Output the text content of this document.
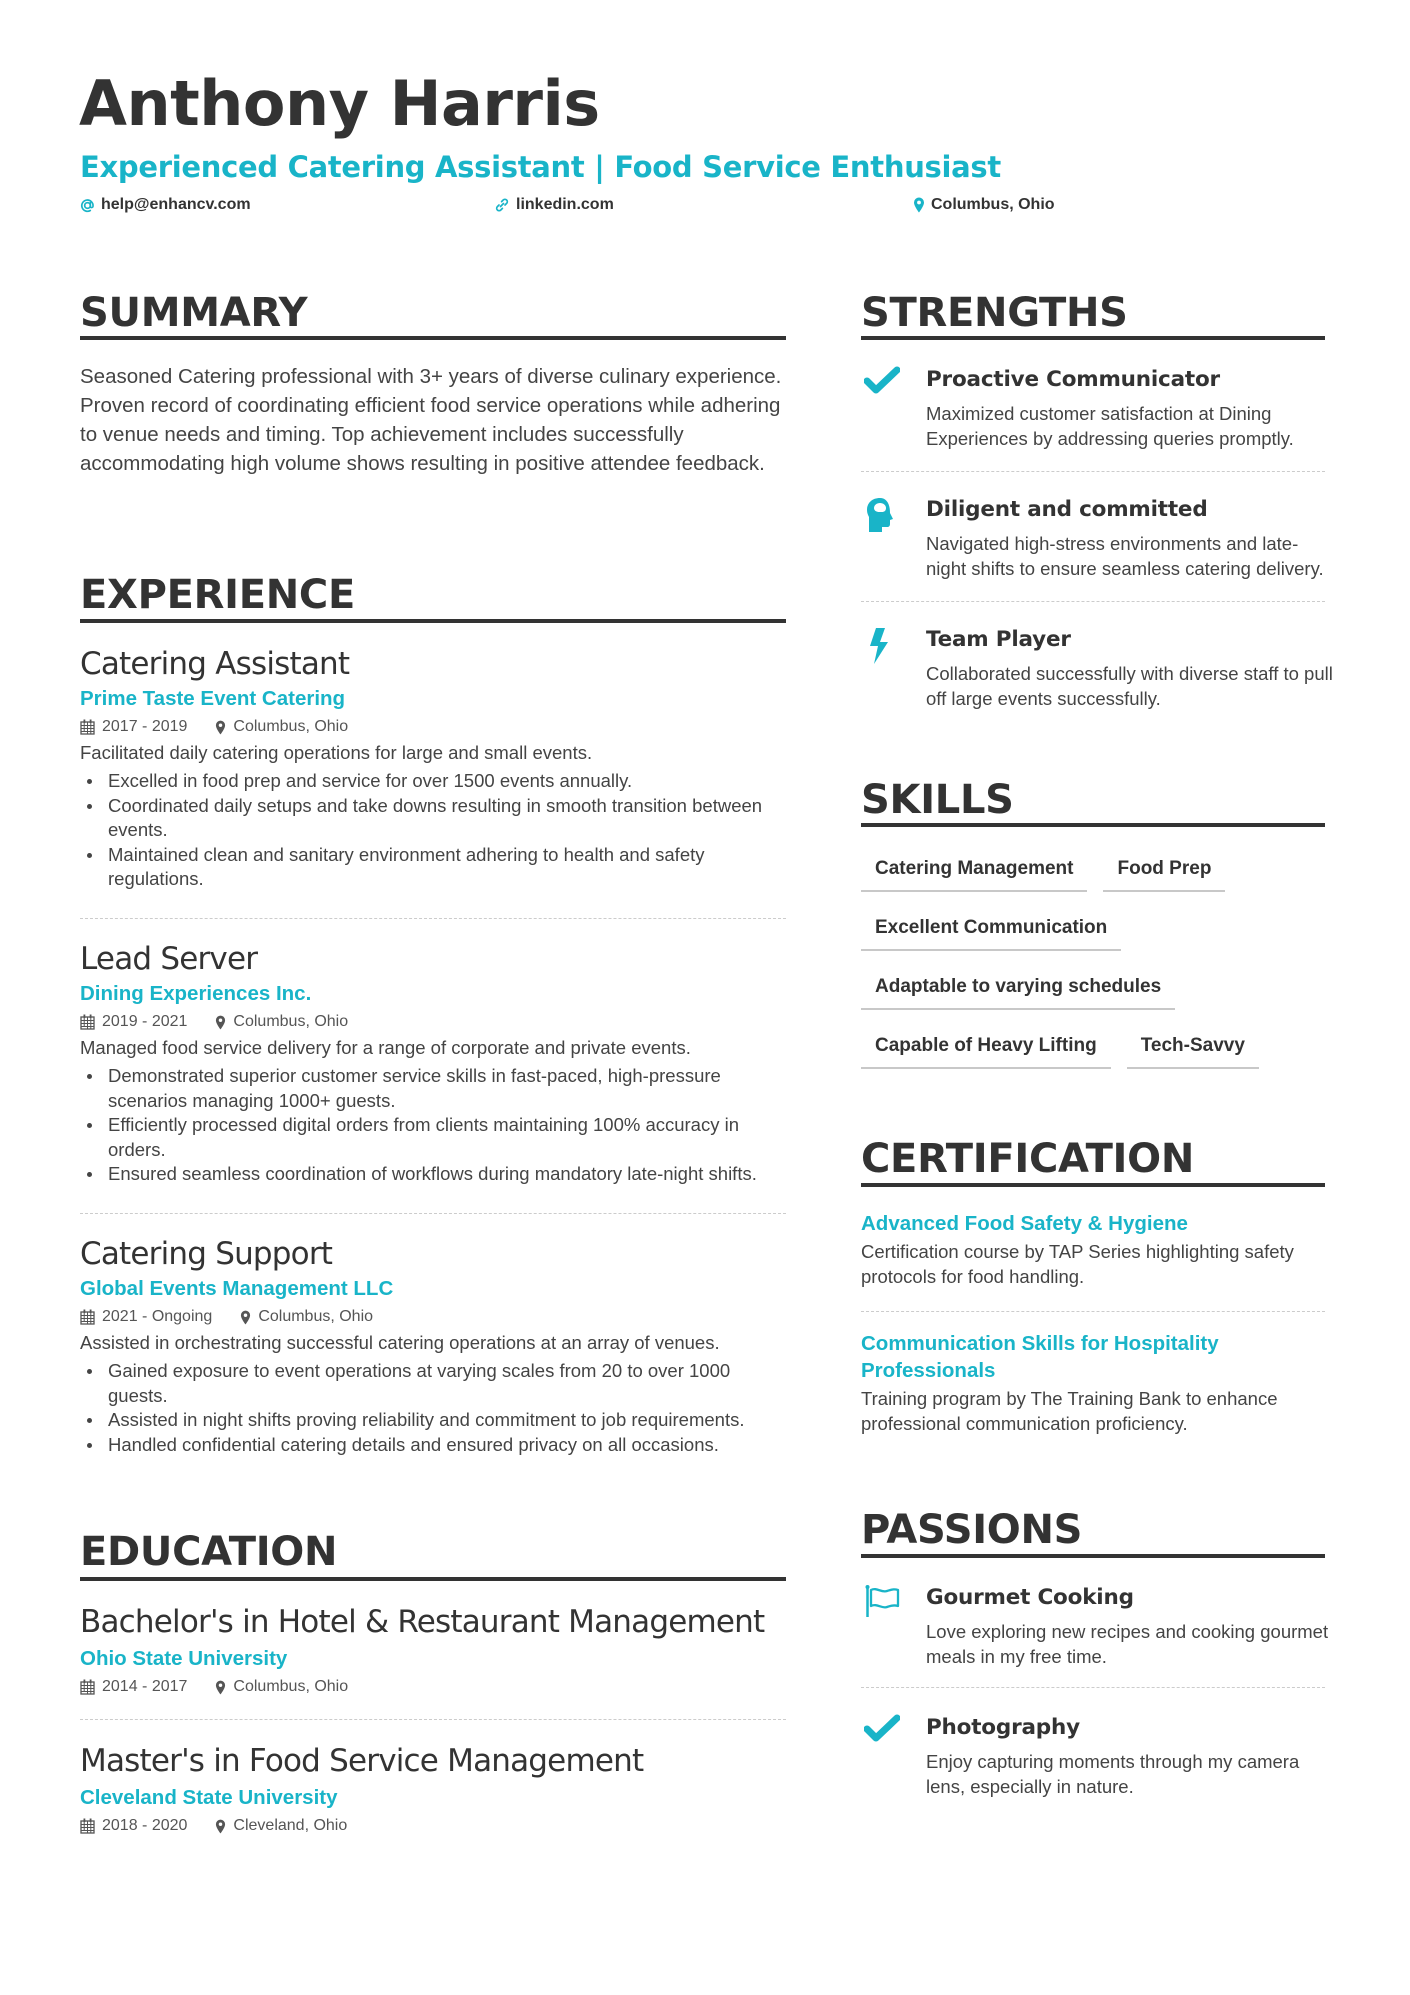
Anthony Harris
Experienced Catering Assistant | Food Service Enthusiast
help@enhancv.com	linkedin.com	Columbus, Ohio
SUMMARY
Seasoned Catering professional with 3+ years of diverse culinary experience. Proven record of coordinating efficient food service operations while adhering to venue needs and timing. Top achievement includes successfully accommodating high volume shows resulting in positive attendee feedback.
EXPERIENCE
Catering Assistant
Prime Taste Event Catering
2017 - 2019	Columbus, Ohio
Facilitated daily catering operations for large and small events.
Excelled in food prep and service for over 1500 events annually.
Coordinated daily setups and take downs resulting in smooth transition between events.
Maintained clean and sanitary environment adhering to health and safety regulations.
Lead Server
Dining Experiences Inc.
2019 - 2021	Columbus, Ohio
Managed food service delivery for a range of corporate and private events.
Demonstrated superior customer service skills in fast-paced, high-pressure scenarios managing 1000+ guests.
Efficiently processed digital orders from clients maintaining 100% accuracy in orders.
Ensured seamless coordination of workflows during mandatory late-night shifts.
Catering Support
Global Events Management LLC
2021 - Ongoing	Columbus, Ohio
Assisted in orchestrating successful catering operations at an array of venues.
Gained exposure to event operations at varying scales from 20 to over 1000 guests.
Assisted in night shifts proving reliability and commitment to job requirements.
Handled confidential catering details and ensured privacy on all occasions.
EDUCATION
Bachelor's in Hotel & Restaurant Management
Ohio State University
2014 - 2017	Columbus, Ohio
Master's in Food Service Management
Cleveland State University
2018 - 2020	Cleveland, Ohio
STRENGTHS
Proactive Communicator
Maximized customer satisfaction at Dining Experiences by addressing queries promptly.
Diligent and committed
Navigated high-stress environments and late-night shifts to ensure seamless catering delivery.
Team Player
Collaborated successfully with diverse staff to pull off large events successfully.
SKILLS
Catering Management	Food Prep
Excellent Communication
Adaptable to varying schedules
Capable of Heavy Lifting	Tech-Savvy
CERTIFICATION
Advanced Food Safety & Hygiene
Certification course by TAP Series highlighting safety protocols for food handling.
Communication Skills for Hospitality Professionals
Training program by The Training Bank to enhance professional communication proficiency.
PASSIONS
Gourmet Cooking
Love exploring new recipes and cooking gourmet meals in my free time.
Photography
Enjoy capturing moments through my camera lens, especially in nature.
